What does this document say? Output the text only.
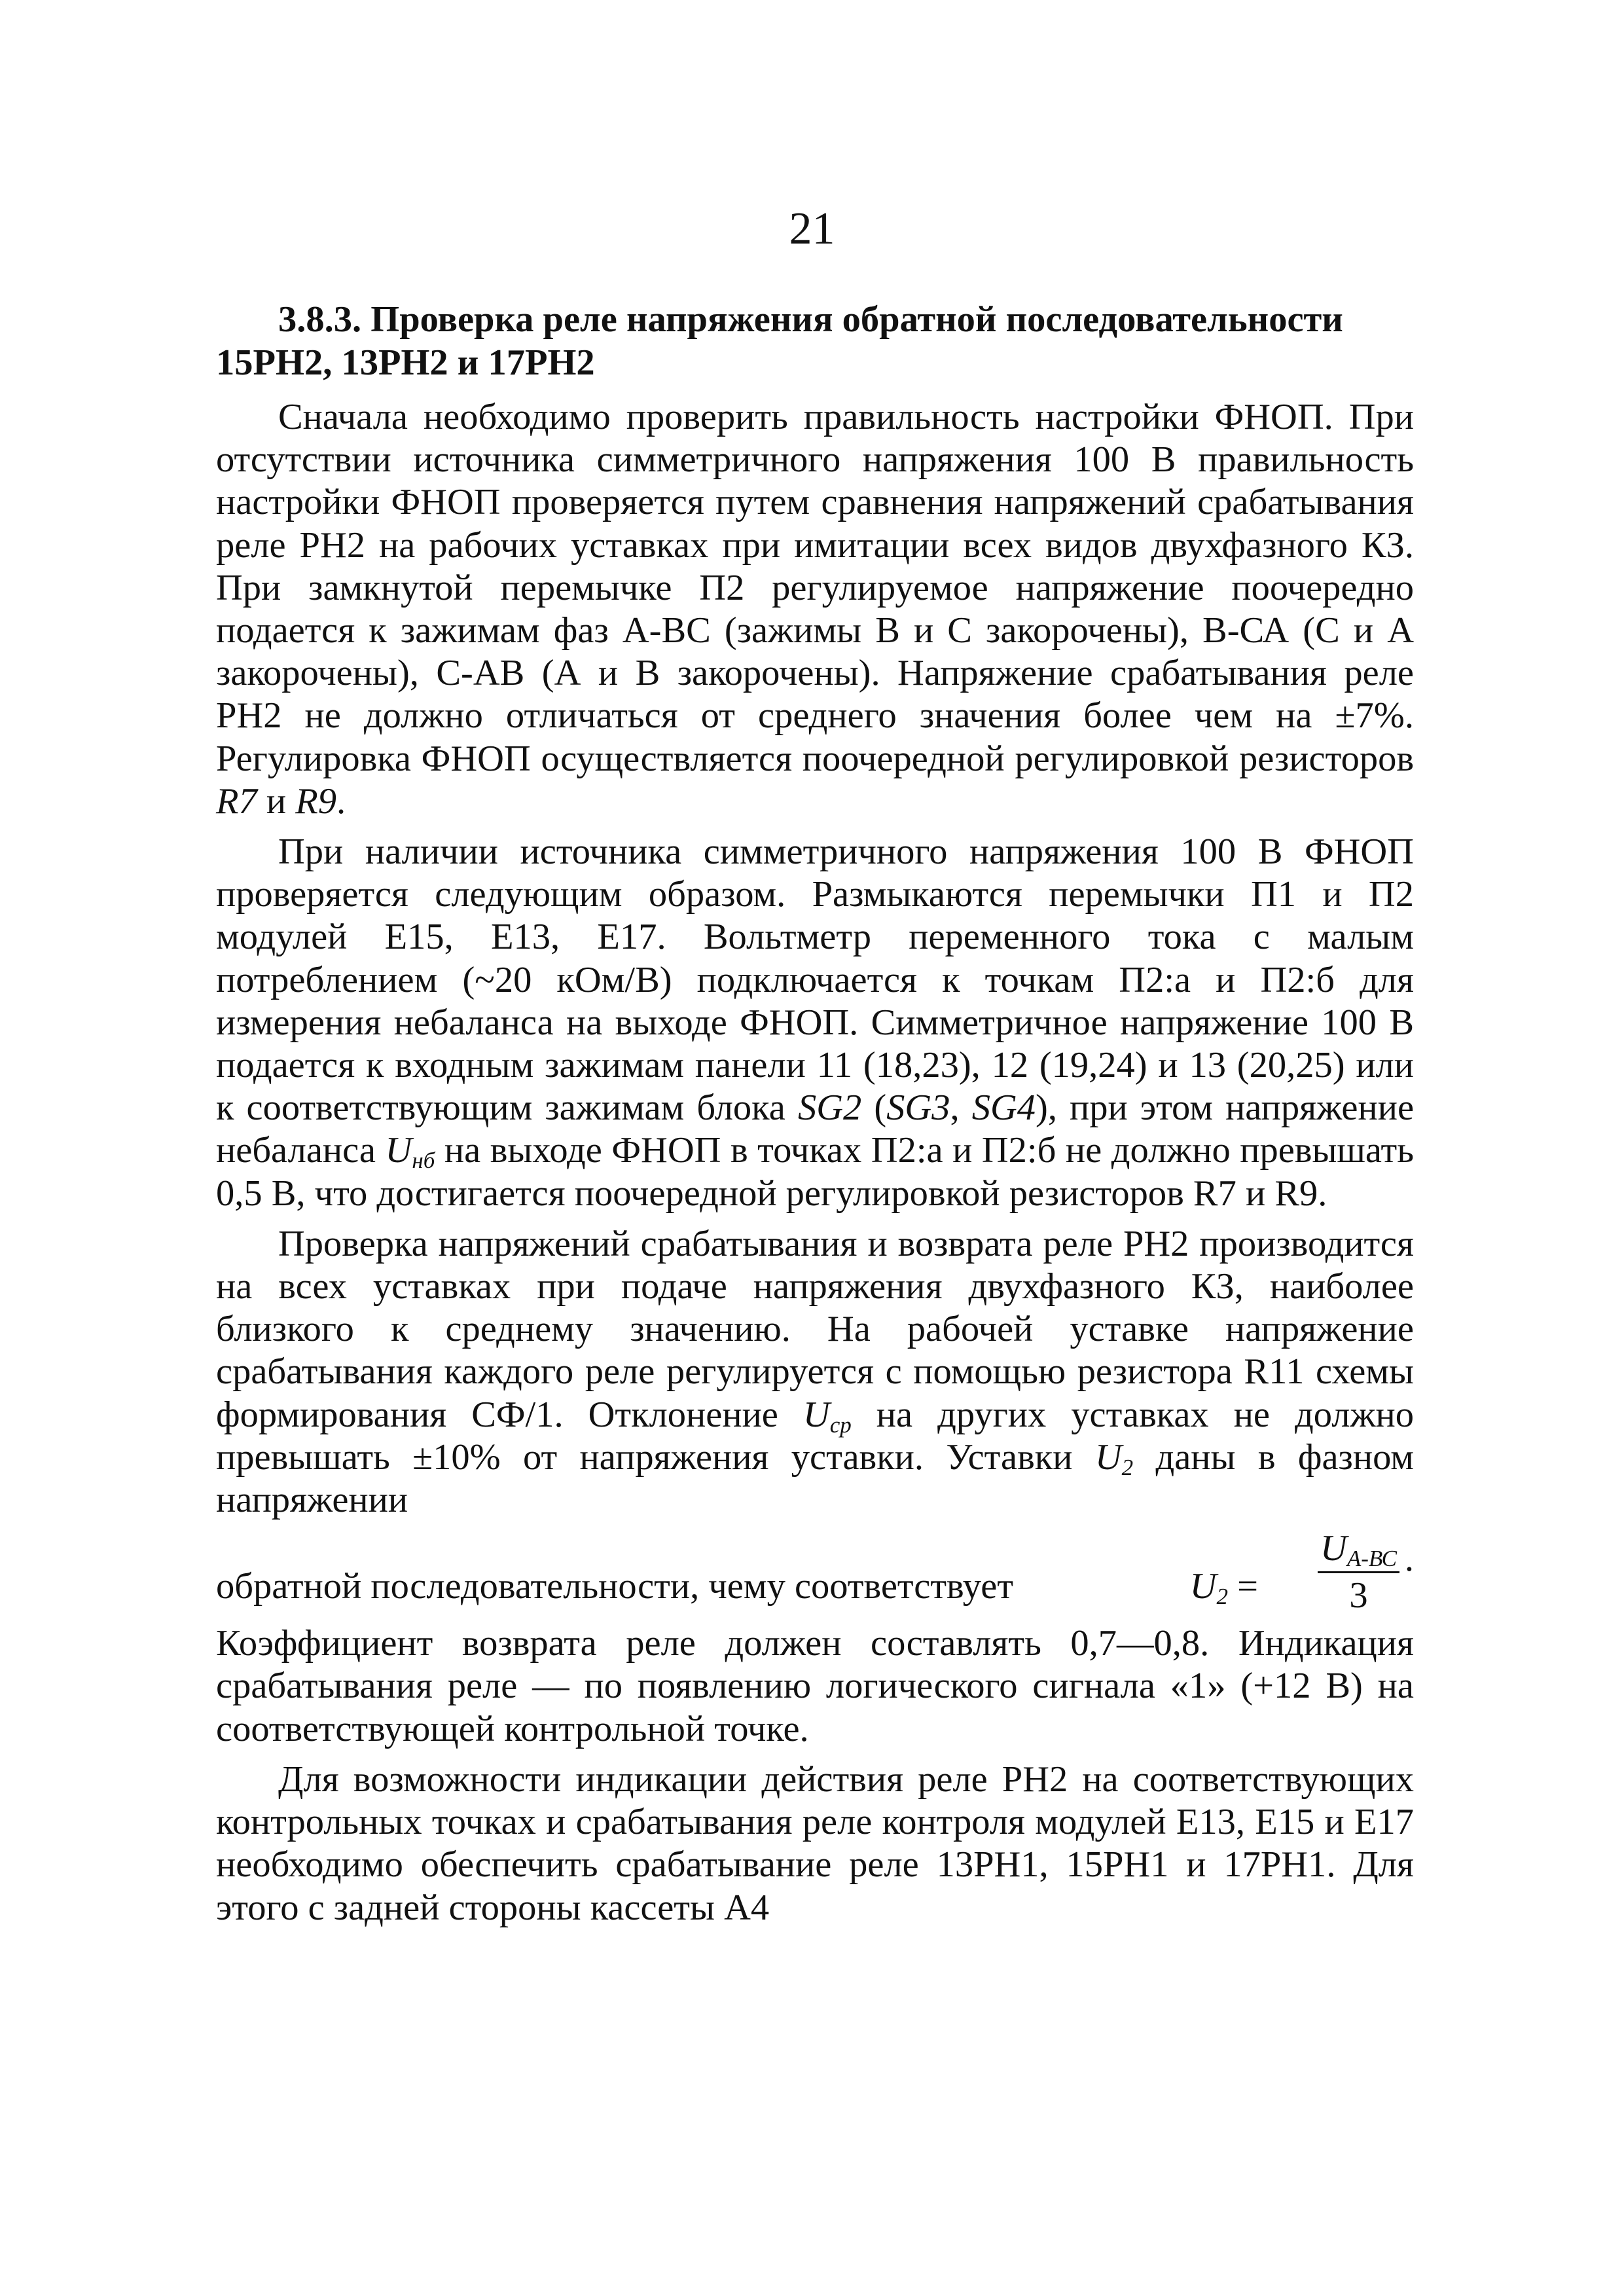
21

3.8.3. Проверка реле напряжения обратной последовательности
15РН2, 13РН2 и 17РН2

Сначала необходимо проверить правильность настройки ФНОП. При отсутствии источника симметричного напряжения 100 В правильность настройки ФНОП проверяется путем сравнения напряжений срабатывания реле РН2 на рабочих уставках при имитации всех видов двухфазного КЗ. При замкнутой перемычке П2 регулируемое напряжение поочередно подается к зажимам фаз А-ВС (зажимы В и С закорочены), В-СА (С и А закорочены), С-АВ (А и В закорочены). Напряжение срабатывания реле РН2 не должно отличаться от среднего значения более чем на ±7%. Регулировка ФНОП осуществляется поочередной регулировкой резисторов R7 и R9.

При наличии источника симметричного напряжения 100 В ФНОП проверяется следующим образом. Размыкаются перемычки П1 и П2 модулей Е15, Е13, Е17. Вольтметр переменного тока с малым потреблением (~20 кОм/В) подключается к точкам П2:а и П2:б для измерения небаланса на выходе ФНОП. Симметричное напряжение 100 В подается к входным зажимам панели 11 (18,23), 12 (19,24) и 13 (20,25) или к соответствующим зажимам блока SG2 (SG3, SG4), при этом напряжение небаланса $U_{нб}$ на выходе ФНОП в точках П2:а и П2:б не должно превышать 0,5 В, что достигается поочередной регулировкой резисторов R7 и R9.

Проверка напряжений срабатывания и возврата реле РН2 производится на всех уставках при подаче напряжения двухфазного КЗ, наиболее близкого к среднему значению. На рабочей уставке напряжение срабатывания каждого реле регулируется с помощью резистора R11 схемы формирования СФ/1. Отклонение $U_{ср}$ на других уставках не должно превышать ±10% от напряжения уставки. Уставки $U_2$ даны в фазном напряжении

обратной последовательности, чему соответствует	$U_2$ =
$U_{А-ВС}$
3
.

Коэффициент возврата реле должен составлять 0,7—0,8. Индикация срабатывания реле — по появлению логического сигнала «1» (+12 В) на соответствующей контрольной точке.

Для возможности индикации действия реле РН2 на соответствующих контрольных точках и срабатывания реле контроля модулей Е13, Е15 и Е17 необходимо обеспечить срабатывание реле 13РН1, 15РН1 и 17РН1. Для этого с задней стороны кассеты А4
